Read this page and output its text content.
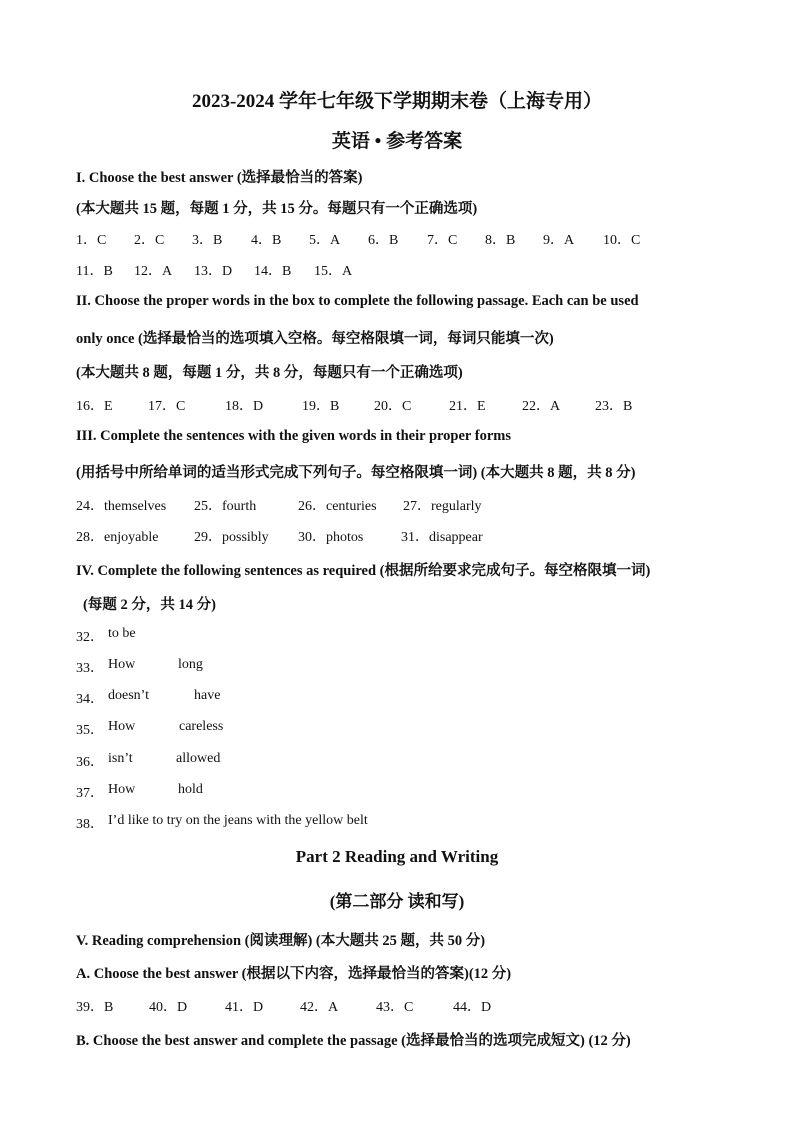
2023-2024 学年七年级下学期期末卷（上海专用）
英语 • 参考答案
I. Choose the best answer (选择最恰当的答案)
(本大题共 15 题，每题 1 分，共 15 分。每题只有一个正确选项)
1．C 2．C 3．B 4．B 5．A 6．B 7．C 8．B 9．A 10．C
11．B 12．A 13．D 14．B 15．A
II. Choose the proper words in the box to complete the following passage. Each can be used
only once (选择最恰当的选项填入空格。每空格限填一词，每词只能填一次)
(本大题共 8 题，每题 1 分，共 8 分，每题只有一个正确选项)
16．E	17．C	18．D	19．B 20．C	21．E	22．A 23．B
III. Complete the sentences with the given words in their proper forms
(用括号中所给单词的适当形式完成下列句子。每空格限填一词) (本大题共 8 题，共 8 分)
24．themselves 25．fourth	26．centuries 27．regularly
28．enjoyable	29．possibly 30．photos	31．disappear
IV. Complete the following sentences as required (根据所给要求完成句子。每空格限填一词)
(每题 2 分，共 14 分)
32． to be
33． How	long
34． doesn’t	have
35． How	careless
36． isn’t	allowed
37． How	hold
38． I’d like to try on the jeans with the yellow belt
Part 2 Reading and Writing
(第二部分 读和写)
V. Reading comprehension (阅读理解) (本大题共 25 题，共 50 分)
A. Choose the best answer (根据以下内容，选择最恰当的答案)(12 分)
39．B	40．D	41．D	42．A	43．C	44．D
B. Choose the best answer and complete the passage (选择最恰当的选项完成短文) (12 分)
